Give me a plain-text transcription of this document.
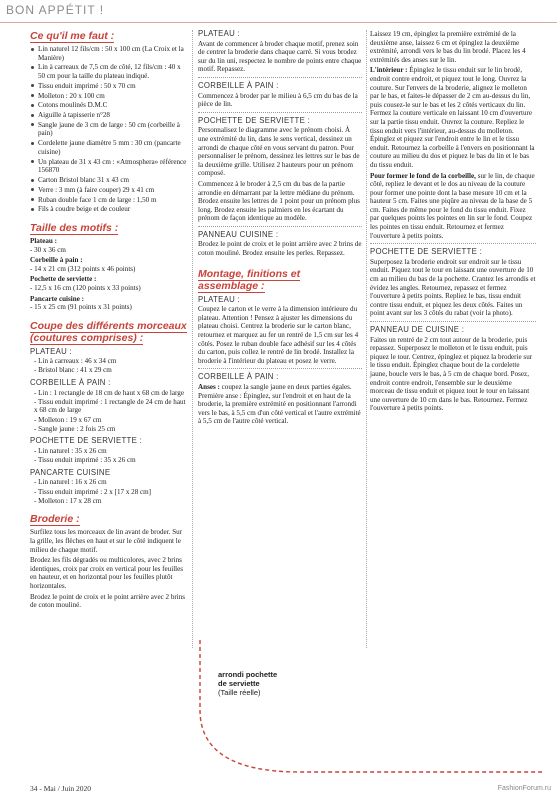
BON APPÉTIT !
Ce qu'il me faut :
Lin naturel 12 fils/cm : 50 x 100 cm (La Croix et la Manière)
Lin à carreaux de 7,5 cm de côté, 12 fils/cm : 40 x 50 cm pour la taille du plateau indiqué.
Tissu enduit imprimé : 50 x 70 cm
Molleton : 20 x 100 cm
Cotons moulinés D.M.C
Aiguille à tapisserie n°28
Sangle jaune de 3 cm de large : 50 cm (corbeille à pain)
Cordelette jaune diamètre 5 mm : 30 cm (pancarte cuisine)
Un plateau de 31 x 43 cm : «Atmosphera» référence 156870
Carton Bristol blanc 31 x 43 cm
Verre : 3 mm (à faire couper) 29 x 41 cm
Ruban double face 1 cm de large : 1,50 m
Fils à coudre beige et de couleur
Taille des motifs :
Plateau :
- 30 x 36 cm
Corbeille à pain :
- 14 x 21 cm (312 points x 46 points)
Pochette de serviette :
- 12,5 x 16 cm (120 points x 33 points)
Pancarte cuisine :
- 15 x 25 cm (91 points x 31 points)
Coupe des différents morceaux
(coutures comprises) :
PLATEAU :
- Lin à carreaux : 46 x 34 cm
- Bristol blanc : 41 x 29 cm
CORBEILLE À PAIN :
- Lin : 1 rectangle de 18 cm de haut x 68 cm de large
- Tissu enduit imprimé : 1 rectangle de 24 cm de haut x 68 cm de large
- Molleton : 19 x 67 cm
- Sangle jaune : 2 fois 25 cm
POCHETTE DE SERVIETTE :
- Lin naturel : 35 x 26 cm
- Tissu enduit imprimé : 35 x 26 cm
PANCARTE CUISINE
- Lin naturel : 16 x 26 cm
- Tissu enduit imprimé : 2 x [17 x 28 cm]
- Molleton : 17 x 28 cm
Broderie :

Surfilez tous les morceaux de lin avant de broder. Sur la grille, les flèches en haut et sur le côté indiquent le milieu de chaque motif.

Brodez les fils dégradés ou multicolores, avec 2 brins identiques, croix par croix en vertical pour les feuilles en hauteur, et en horizontal pour les feuilles plutôt horizontales.

Brodez le point de croix et le point arrière avec 2 brins de coton mouliné.

PLATEAU :

Avant de commencer à broder chaque motif, prenez soin de centrer la broderie dans chaque carré. Si vous brodez sur du lin uni, respectez le nombre de points entre chaque motif. Repassez.

CORBEILLE À PAIN :

Commencez à broder par le milieu à 6,5 cm du bas de la pièce de lin.

POCHETTE DE SERVIETTE :

Personnalisez le diagramme avec le prénom choisi. À une extrémité du lin, dans le sens vertical, dessinez un arrondi de chaque côté en vous servant du patron. Pour personnaliser le prénom, dessinez les lettres sur le bas de la deuxième grille. Utilisez 2 hauteurs pour un prénom composé.

Commencez à le broder à 2,5 cm du bas de la partie arrondie en démarrant par la lettre médiane du prénom. Brodez ensuite les lettres de 1 point pour un prénom plus long. Brodez ensuite les palmiers en les écartant du prénom de façon identique au modèle.

PANNEAU CUISINE :

Brodez le point de croix et le point arrière avec 2 brins de coton mouliné. Brodez ensuite les perles. Repassez.

Montage, finitions et assemblage :
PLATEAU :

Coupez le carton et le verre à la dimension intérieure du plateau. Attention ! Pensez à ajuster les dimensions du plateau choisi. Centrez la broderie sur le carton blanc, retournez et marquez au fer un rentré de 1,5 cm sur les 4 côtés. Posez le ruban double face adhésif sur les 4 côtés du carton, puis collez le rentré de lin brodé. Installez la broderie à l'intérieur du plateau et posez le verre.

CORBEILLE À PAIN :

Anses : coupez la sangle jaune en deux parties égales. Première anse : Épinglez, sur l'endroit et en haut de la broderie, la première extrémité en positionnant l'arrondi vers le bas, à 5,5 cm d'un côté vertical et l'autre extrémité à 5,5 cm de l'autre côté vertical.

Laissez 19 cm, épinglez la première extrémité de la deuxième anse, laissez 6 cm et épinglez la deuxième extrémité, arrondi vers le bas du lin brodé. Placez les 4 extrémités des anses sur le lin.

L'intérieur : Épinglez le tissu enduit sur le lin brodé, endroit contre endroit, et piquez tout le long. Ouvrez la couture. Sur l'envers de la broderie, alignez le molleton par le bas, et faites-le dépasser de 2 cm au-dessus du lin, puis cousez-le sur le bas et les 2 côtés verticaux du lin. Fermez la couture verticale en laissant 10 cm d'ouverture sur la partie tissu enduit. Ouvrez la couture. Repliez le tissu enduit vers l'intérieur, au-dessus du molleton. Épinglez et piquez sur l'endroit entre le lin et le tissu enduit. Retournez la corbeille à l'envers en positionnant la couture au milieu du dos et piquez le bas du lin et le bas du tissu enduit.

Pour former le fond de la corbeille, sur le lin, de chaque côté, repliez le devant et le dos au niveau de la couture pour former une pointe dont la base mesure 10 cm et la hauteur 5 cm. Faites une piqûre au niveau de la base de 5 cm. Faites de même pour le fond du tissu enduit. Fixez par quelques points les pointes en lin sur le fond. Coupez les pointes en tissu enduit. Retournez et fermez l'ouverture à petits points.

POCHETTE DE SERVIETTE :

Superposez la broderie endroit sur endroit sur le tissu enduit. Piquez tout le tour en laissant une ouverture de 10 cm au milieu du bas de la pochette. Crantez les arrondis et évidez les angles. Retournez, repassez et fermez l'ouverture à petits points. Repliez le bas, tissu enduit contre tissu enduit, et piquez les deux côtés. Faites un point avant sur les 3 côtés du rabat (voir la photo).

PANNEAU DE CUISINE :

Faites un rentré de 2 cm tout autour de la broderie, puis repassez. Superposez le molleton et le tissu enduit, puis piquez le tour. Centrez, épinglez et piquez la broderie sur le tissu enduit. Épinglez chaque bout de la cordelette jaune, boucle vers le bas, à 5 cm de chaque bord. Posez, endroit contre endroit, l'ensemble sur le deuxième morceau de tissu enduit et piquez tout le tour en laissant une ouverture de 10 cm dans le bas. Retournez. Fermez l'ouverture à petits points.

arrondi pochette
de serviette
(Taille réelle)
34 - Mai / Juin 2020	FashionForum.ru
